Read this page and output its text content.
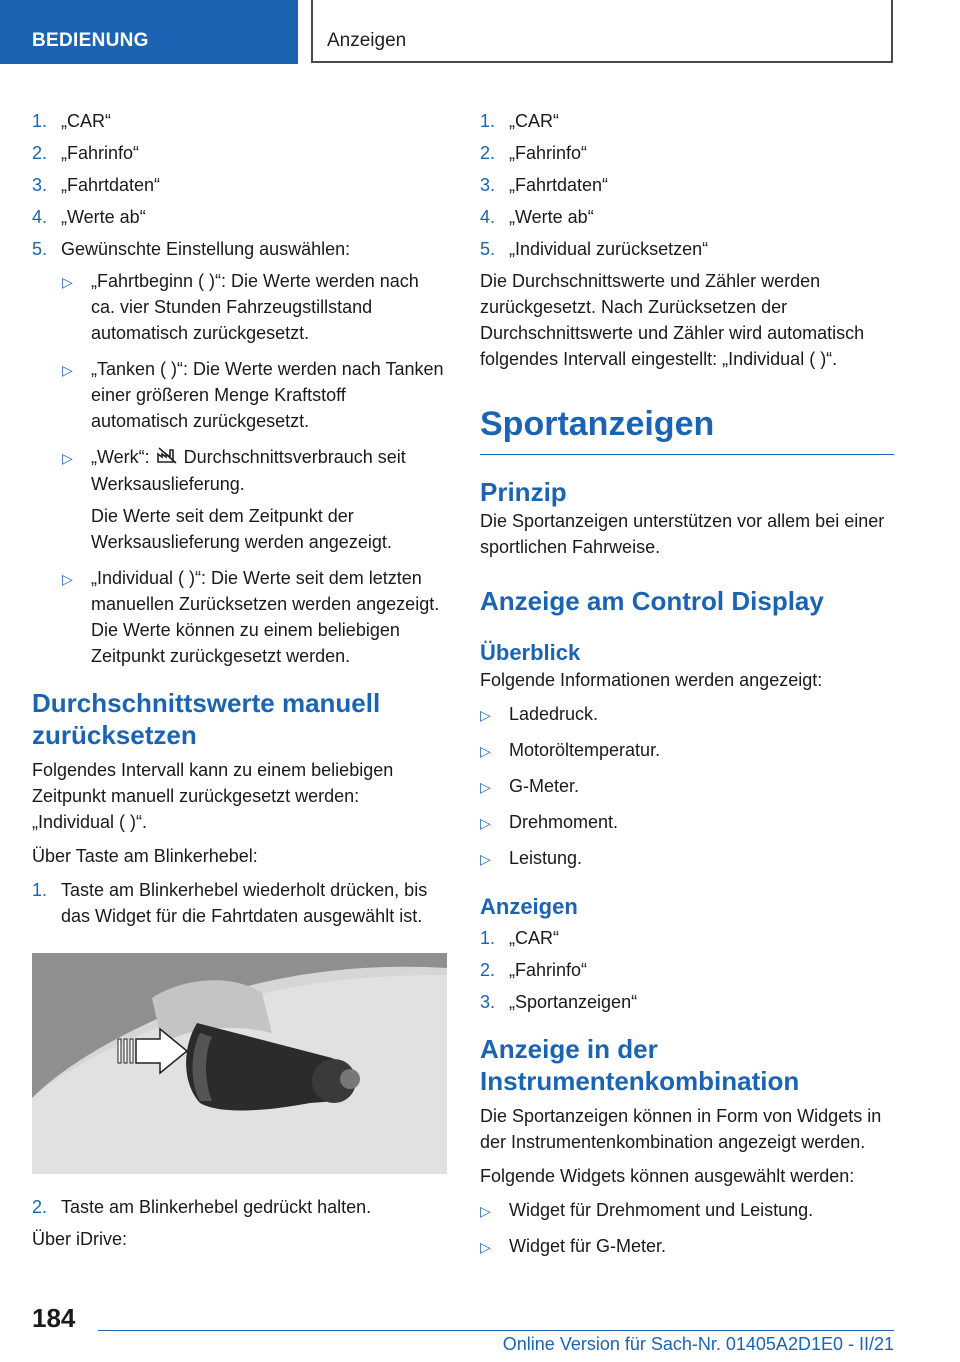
BEDIENUNG	Anzeigen
1. „CAR“
2. „Fahrinfo“
3. „Fahrtdaten“
4. „Werte ab“
5. Gewünschte Einstellung auswählen:
▷ „Fahrtbeginn ( )“: Die Werte werden nach ca. vier Stunden Fahrzeugstillstand automatisch zurückgesetzt.
▷ „Tanken ( )“: Die Werte werden nach Tanken einer größeren Menge Kraftstoff automatisch zurückgesetzt.
▷ „Werk“: Durchschnittsverbrauch seit Werksauslieferung.

Die Werte seit dem Zeitpunkt der Werksauslieferung werden angezeigt.

▷ „Individual ( )“: Die Werte seit dem letzten manuellen Zurücksetzen werden angezeigt. Die Werte können zu einem beliebigen Zeitpunkt zurückgesetzt werden.
Durchschnittswerte manuell zurücksetzen

Folgendes Intervall kann zu einem beliebigen Zeitpunkt manuell zurückgesetzt werden: „Individual ( )“.

Über Taste am Blinkerhebel:

1. Taste am Blinkerhebel wiederholt drücken, bis das Widget für die Fahrtdaten ausgewählt ist.
2. Taste am Blinkerhebel gedrückt halten.

Über iDrive:

1. „CAR“
2. „Fahrinfo“
3. „Fahrtdaten“
4. „Werte ab“
5. „Individual zurücksetzen“

Die Durchschnittswerte und Zähler werden zurückgesetzt. Nach Zurücksetzen der Durchschnittswerte und Zähler wird automatisch folgendes Intervall eingestellt: „Individual ( )“.

Sportanzeigen
Prinzip

Die Sportanzeigen unterstützen vor allem bei einer sportlichen Fahrweise.

Anzeige am Control Display
Überblick

Folgende Informationen werden angezeigt:

▷ Ladedruck.
▷ Motoröltemperatur.
▷ G-Meter.
▷ Drehmoment.
▷ Leistung.
Anzeigen
1. „CAR“
2. „Fahrinfo“
3. „Sportanzeigen“
Anzeige in der Instrumentenkombination

Die Sportanzeigen können in Form von Widgets in der Instrumentenkombination angezeigt werden.

Folgende Widgets können ausgewählt werden:

▷ Widget für Drehmoment und Leistung.
▷ Widget für G-Meter.
184
Online Version für Sach-Nr. 01405A2D1E0 - II/21
